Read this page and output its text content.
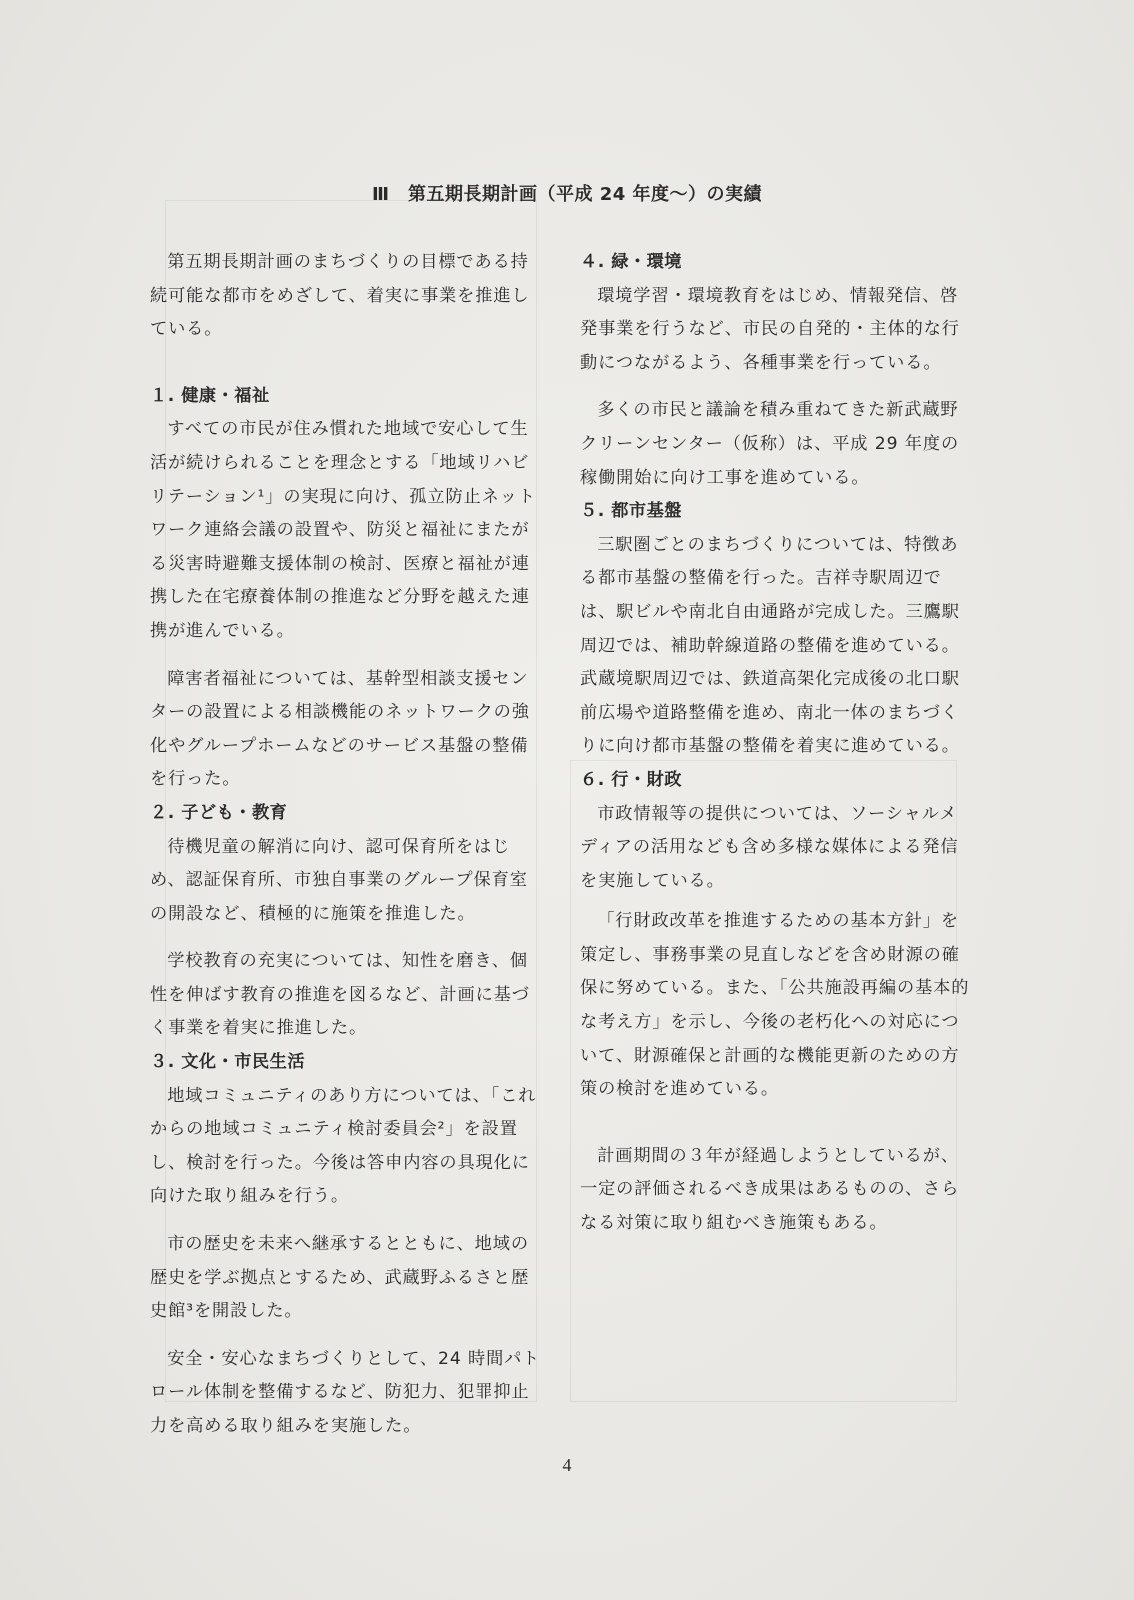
Ⅲ　第五期長期計画（平成 24 年度～）の実績

第五期長期計画のまちづくりの目標である持続可能な都市をめざして、着実に事業を推進している。

１. 健康・福祉

すべての市民が住み慣れた地域で安心して生活が続けられることを理念とする「地域リハビリテーション¹」の実現に向け、孤立防止ネットワーク連絡会議の設置や、防災と福祉にまたがる災害時避難支援体制の検討、医療と福祉が連携した在宅療養体制の推進など分野を越えた連携が進んでいる。

障害者福祉については、基幹型相談支援センターの設置による相談機能のネットワークの強化やグループホームなどのサービス基盤の整備を行った。

２. 子ども・教育

待機児童の解消に向け、認可保育所をはじめ、認証保育所、市独自事業のグループ保育室の開設など、積極的に施策を推進した。

学校教育の充実については、知性を磨き、個性を伸ばす教育の推進を図るなど、計画に基づく事業を着実に推進した。

３. 文化・市民生活

地域コミュニティのあり方については、「これからの地域コミュニティ検討委員会²」を設置し、検討を行った。今後は答申内容の具現化に向けた取り組みを行う。

市の歴史を未来へ継承するとともに、地域の歴史を学ぶ拠点とするため、武蔵野ふるさと歴史館³を開設した。

安全・安心なまちづくりとして、24 時間パトロール体制を整備するなど、防犯力、犯罪抑止力を高める取り組みを実施した。

４. 緑・環境

環境学習・環境教育をはじめ、情報発信、啓発事業を行うなど、市民の自発的・主体的な行動につながるよう、各種事業を行っている。

多くの市民と議論を積み重ねてきた新武蔵野クリーンセンター（仮称）は、平成 29 年度の稼働開始に向け工事を進めている。

５. 都市基盤

三駅圏ごとのまちづくりについては、特徴ある都市基盤の整備を行った。吉祥寺駅周辺では、駅ビルや南北自由通路が完成した。三鷹駅周辺では、補助幹線道路の整備を進めている。武蔵境駅周辺では、鉄道高架化完成後の北口駅前広場や道路整備を進め、南北一体のまちづくりに向け都市基盤の整備を着実に進めている。

６. 行・財政

市政情報等の提供については、ソーシャルメディアの活用なども含め多様な媒体による発信を実施している。

「行財政改革を推進するための基本方針」を策定し、事務事業の見直しなどを含め財源の確保に努めている。また、「公共施設再編の基本的な考え方」を示し、今後の老朽化への対応について、財源確保と計画的な機能更新のための方策の検討を進めている。

計画期間の３年が経過しようとしているが、一定の評価されるべき成果はあるものの、さらなる対策に取り組むべき施策もある。

4
